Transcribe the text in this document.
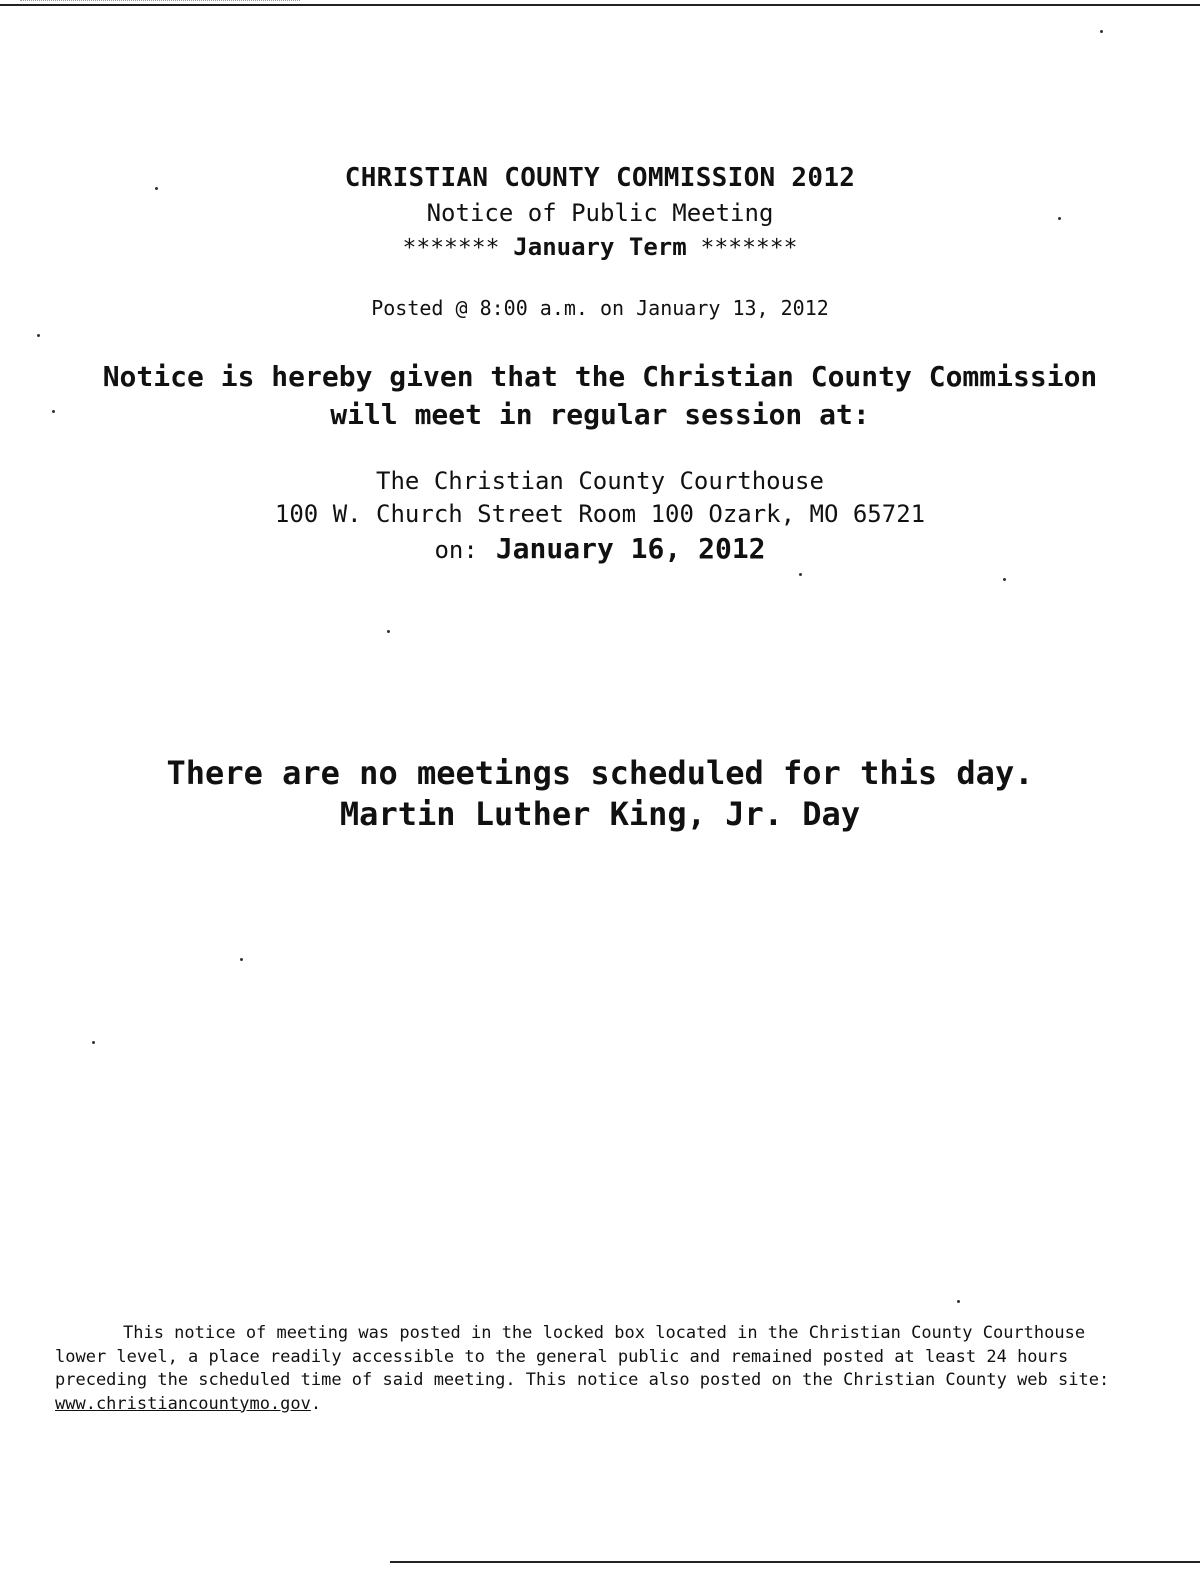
CHRISTIAN COUNTY COMMISSION 2012
Notice of Public Meeting
******* January Term *******
Posted @ 8:00 a.m. on January 13, 2012
Notice is hereby given that the Christian County Commission
will meet in regular session at:
The Christian County Courthouse
100 W. Church Street Room 100 Ozark, MO 65721
on: January 16, 2012
There are no meetings scheduled for this day.
Martin Luther King, Jr. Day
This notice of meeting was posted in the locked box located in the Christian County Courthouse lower level, a place readily accessible to the general public and remained posted at least 24 hours preceding the scheduled time of said meeting. This notice also posted on the Christian County web site: www.christiancountymo.gov.
